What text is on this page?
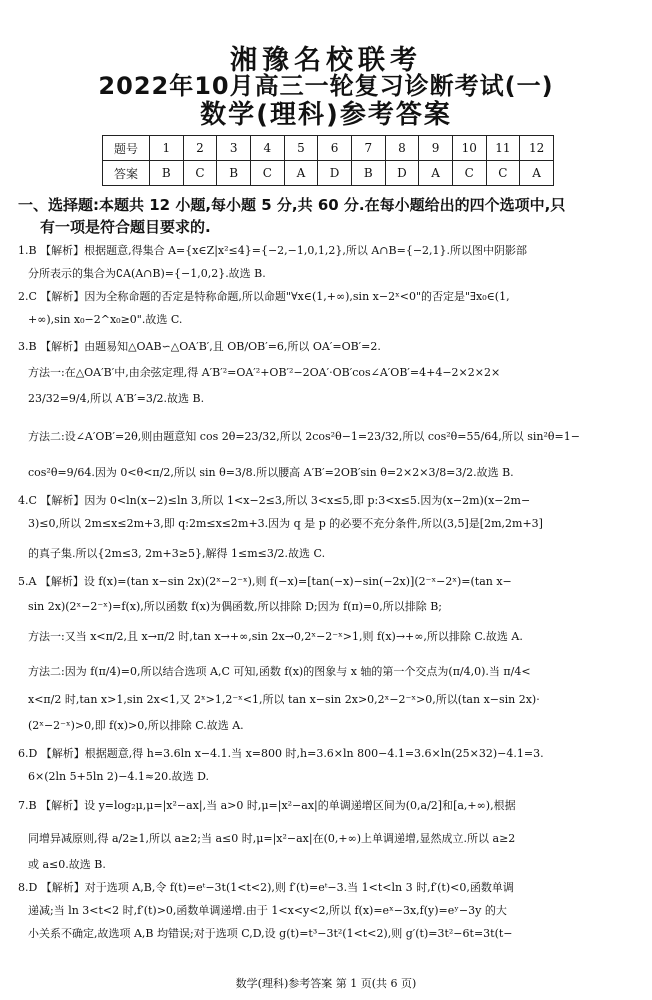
湘豫名校联考
2022年10月高三一轮复习诊断考试(一)
数学(理科)参考答案
题号	1	2	3	4	5	6	7	8	9	10	11	12
答案	B	C	B	C	A	D	B	D	A	C	C	A
一、选择题:本题共 12 小题,每小题 5 分,共 60 分.在每小题给出的四个选项中,只
有一项是符合题目要求的.
1.B 【解析】根据题意,得集合 A={x∈Z|x²≤4}={−2,−1,0,1,2},所以 A∩B={−2,1}.所以图中阴影部
分所表示的集合为∁A(A∩B)={−1,0,2}.故选 B.
2.C 【解析】因为全称命题的否定是特称命题,所以命题"∀x∈(1,+∞),sin x−2ˣ<0"的否定是"∃x₀∈(1,
+∞),sin x₀−2^x₀≥0".故选 C.
3.B 【解析】由题易知△OAB∽△OA′B′,且 OB/OB′=6,所以 OA′=OB′=2.
方法一:在△OA′B′中,由余弦定理,得 A′B′²=OA′²+OB′²−2OA′·OB′cos∠A′OB′=4+4−2×2×2×
23/32=9/4,所以 A′B′=3/2.故选 B.
方法二:设∠A′OB′=2θ,则由题意知 cos 2θ=23/32,所以 2cos²θ−1=23/32,所以 cos²θ=55/64,所以 sin²θ=1−
cos²θ=9/64.因为 0<θ<π/2,所以 sin θ=3/8.所以腰高 A′B′=2OB′sin θ=2×2×3/8=3/2.故选 B.
4.C 【解析】因为 0<ln(x−2)≤ln 3,所以 1<x−2≤3,所以 3<x≤5,即 p:3<x≤5.因为(x−2m)(x−2m−
3)≤0,所以 2m≤x≤2m+3,即 q:2m≤x≤2m+3.因为 q 是 p 的必要不充分条件,所以(3,5]是[2m,2m+3]
的真子集.所以{2m≤3, 2m+3≥5},解得 1≤m≤3/2.故选 C.
5.A 【解析】设 f(x)=(tan x−sin 2x)(2ˣ−2⁻ˣ),则 f(−x)=[tan(−x)−sin(−2x)](2⁻ˣ−2ˣ)=(tan x−
sin 2x)(2ˣ−2⁻ˣ)=f(x),所以函数 f(x)为偶函数,所以排除 D;因为 f(π)=0,所以排除 B;
方法一:又当 x<π/2,且 x→π/2 时,tan x→+∞,sin 2x→0,2ˣ−2⁻ˣ>1,则 f(x)→+∞,所以排除 C.故选 A.
方法二:因为 f(π/4)=0,所以结合选项 A,C 可知,函数 f(x)的图象与 x 轴的第一个交点为(π/4,0).当 π/4<
x<π/2 时,tan x>1,sin 2x<1,又 2ˣ>1,2⁻ˣ<1,所以 tan x−sin 2x>0,2ˣ−2⁻ˣ>0,所以(tan x−sin 2x)·
(2ˣ−2⁻ˣ)>0,即 f(x)>0,所以排除 C.故选 A.
6.D 【解析】根据题意,得 h=3.6ln x−4.1.当 x=800 时,h=3.6×ln 800−4.1=3.6×ln(25×32)−4.1=3.
6×(2ln 5+5ln 2)−4.1≈20.故选 D.
7.B 【解析】设 y=log₂μ,μ=|x²−ax|,当 a>0 时,μ=|x²−ax|的单调递增区间为(0,a/2]和[a,+∞),根据
同增异减原则,得 a/2≥1,所以 a≥2;当 a≤0 时,μ=|x²−ax|在(0,+∞)上单调递增,显然成立.所以 a≥2
或 a≤0.故选 B.
8.D 【解析】对于选项 A,B,令 f(t)=eᵗ−3t(1<t<2),则 f′(t)=eᵗ−3.当 1<t<ln 3 时,f′(t)<0,函数单调
递减;当 ln 3<t<2 时,f′(t)>0,函数单调递增.由于 1<x<y<2,所以 f(x)=eˣ−3x,f(y)=eʸ−3y 的大
小关系不确定,故选项 A,B 均错误;对于选项 C,D,设 g(t)=t³−3t²(1<t<2),则 g′(t)=3t²−6t=3t(t−
数学(理科)参考答案 第 1 页(共 6 页)
